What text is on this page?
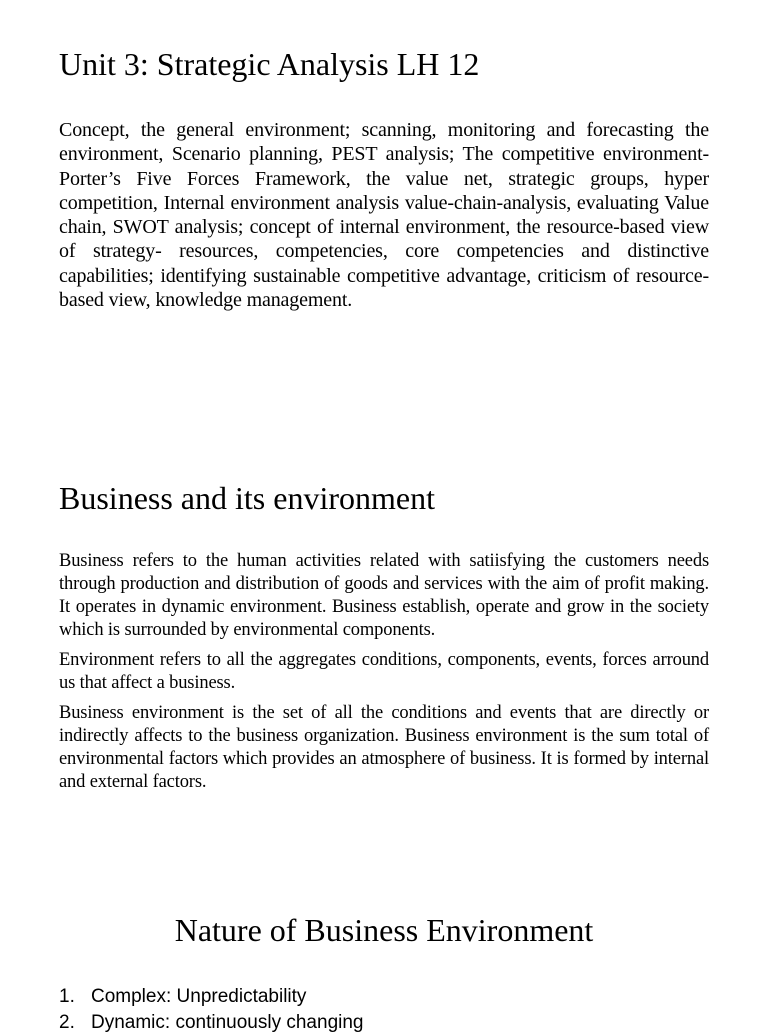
Unit 3: Strategic Analysis LH 12
Concept, the general environment; scanning, monitoring and forecasting the environment, Scenario planning, PEST analysis; The competitive environment- Porter’s Five Forces Framework, the value net, strategic groups, hyper competition, Internal environment analysis value-chain-analysis, evaluating Value chain, SWOT analysis; concept of internal environment, the resource-based view of strategy- resources, competencies, core competencies and distinctive capabilities; identifying sustainable competitive advantage, criticism of resource-based view, knowledge management.
Business and its environment

Business refers to the human activities related with satiisfying the customers needs through production and distribution of goods and services with the aim of profit making. It operates in dynamic environment. Business establish, operate and grow in the society which is surrounded by environmental components.

Environment refers to all the aggregates conditions, components, events, forces arround us that affect a business.

Business environment is the set of all the conditions and events that are directly or indirectly affects to the business organization. Business environment is the sum total of environmental factors which provides an atmosphere of business. It is formed by internal and external factors.

Nature of Business Environment
1. Complex: Unpredictability
2. Dynamic: continuously changing
